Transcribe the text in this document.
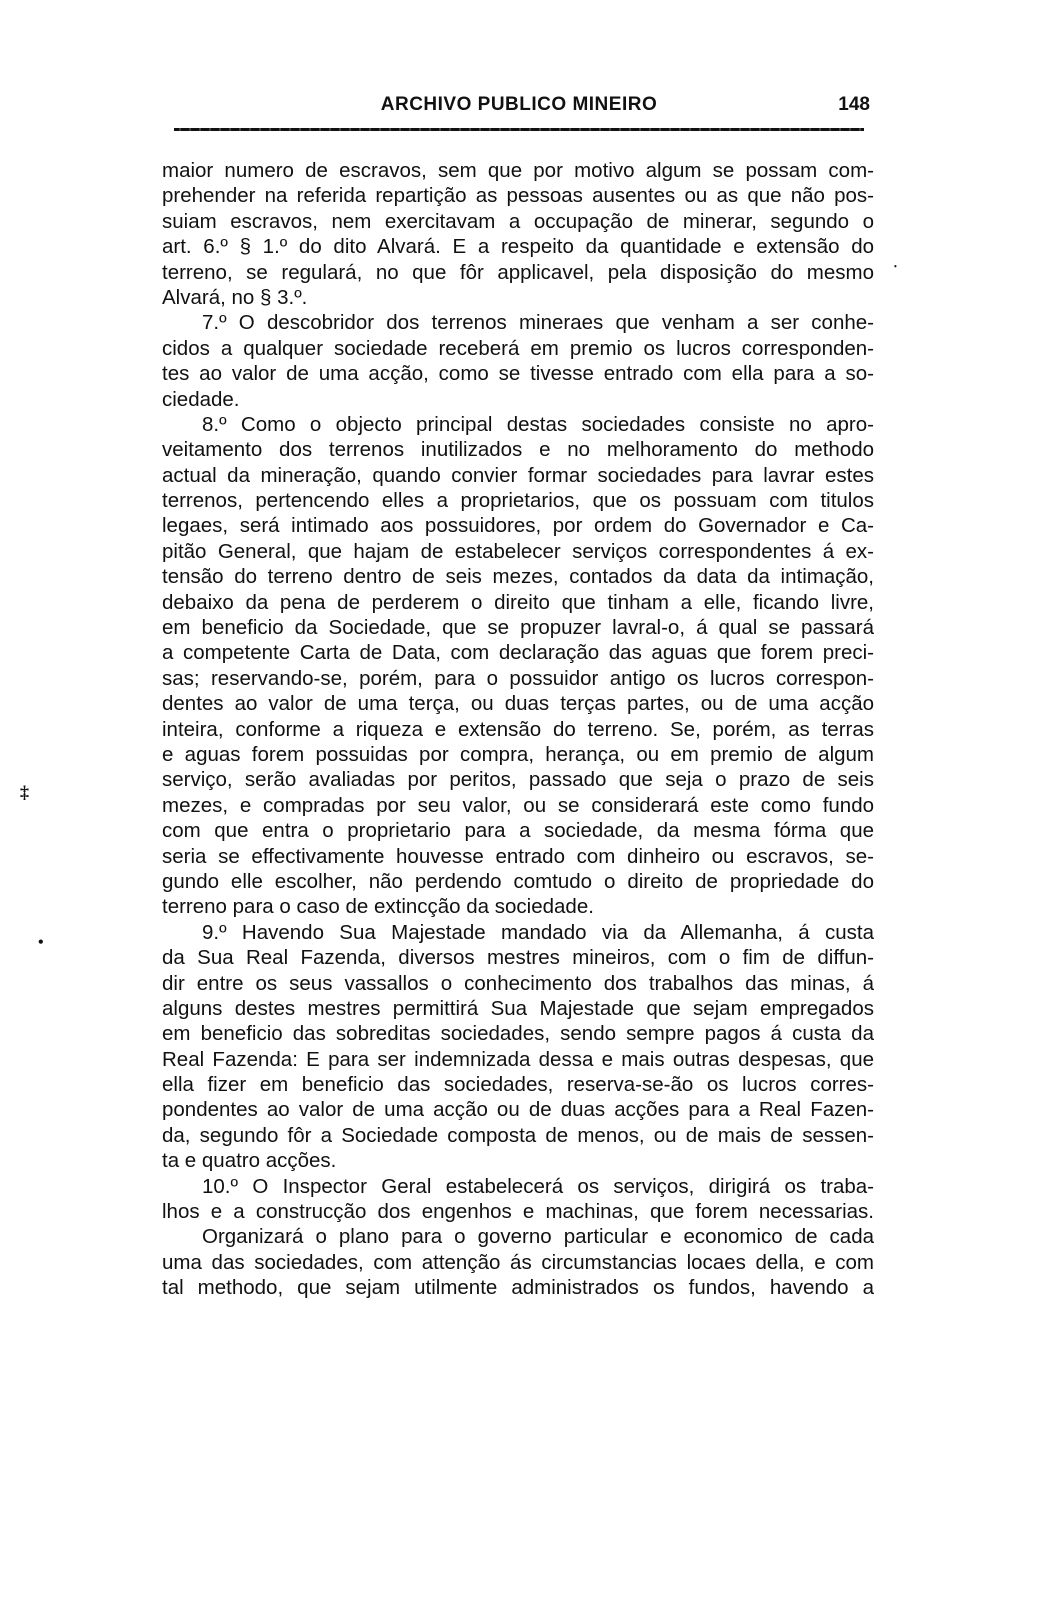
ARCHIVO PUBLICO MINEIRO	148
maior numero de escravos, sem que por motivo algum se possam com-
prehender na referida repartição as pessoas ausentes ou as que não pos-
suiam escravos, nem exercitavam a occupação de minerar, segundo o
art. 6.º § 1.º do dito Alvará. E a respeito da quantidade e extensão do
terreno, se regulará, no que fôr applicavel, pela disposição do mesmo
Alvará, no § 3.º.
7.º O descobridor dos terrenos mineraes que venham a ser conhe-
cidos a qualquer sociedade receberá em premio os lucros corresponden-
tes ao valor de uma acção, como se tivesse entrado com ella para a so-
ciedade.
8.º Como o objecto principal destas sociedades consiste no apro-
veitamento dos terrenos inutilizados e no melhoramento do methodo
actual da mineração, quando convier formar sociedades para lavrar estes
terrenos, pertencendo elles a proprietarios, que os possuam com titulos
legaes, será intimado aos possuidores, por ordem do Governador e Ca-
pitão General, que hajam de estabelecer serviços correspondentes á ex-
tensão do terreno dentro de seis mezes, contados da data da intimação,
debaixo da pena de perderem o direito que tinham a elle, ficando livre,
em beneficio da Sociedade, que se propuzer lavral-o, á qual se passará
a competente Carta de Data, com declaração das aguas que forem preci-
sas; reservando-se, porém, para o possuidor antigo os lucros correspon-
dentes ao valor de uma terça, ou duas terças partes, ou de uma acção
inteira, conforme a riqueza e extensão do terreno. Se, porém, as terras
e aguas forem possuidas por compra, herança, ou em premio de algum
serviço, serão avaliadas por peritos, passado que seja o prazo de seis
mezes, e compradas por seu valor, ou se considerará este como fundo
com que entra o proprietario para a sociedade, da mesma fórma que
seria se effectivamente houvesse entrado com dinheiro ou escravos, se-
gundo elle escolher, não perdendo comtudo o direito de propriedade do
terreno para o caso de extincção da sociedade.
9.º Havendo Sua Majestade mandado via da Allemanha, á custa
da Sua Real Fazenda, diversos mestres mineiros, com o fim de diffun-
dir entre os seus vassallos o conhecimento dos trabalhos das minas, á
alguns destes mestres permittirá Sua Majestade que sejam empregados
em beneficio das sobreditas sociedades, sendo sempre pagos á custa da
Real Fazenda: E para ser indemnizada dessa e mais outras despesas, que
ella fizer em beneficio das sociedades, reserva-se-ão os lucros corres-
pondentes ao valor de uma acção ou de duas acções para a Real Fazen-
da, segundo fôr a Sociedade composta de menos, ou de mais de sessen-
ta e quatro acções.
10.º O Inspector Geral estabelecerá os serviços, dirigirá os traba-
lhos e a construcção dos engenhos e machinas, que forem necessarias.
Organizará o plano para o governo particular e economico de cada
uma das sociedades, com attenção ás circumstancias locaes della, e com
tal methodo, que sejam utilmente administrados os fundos, havendo a
‡
•
•
